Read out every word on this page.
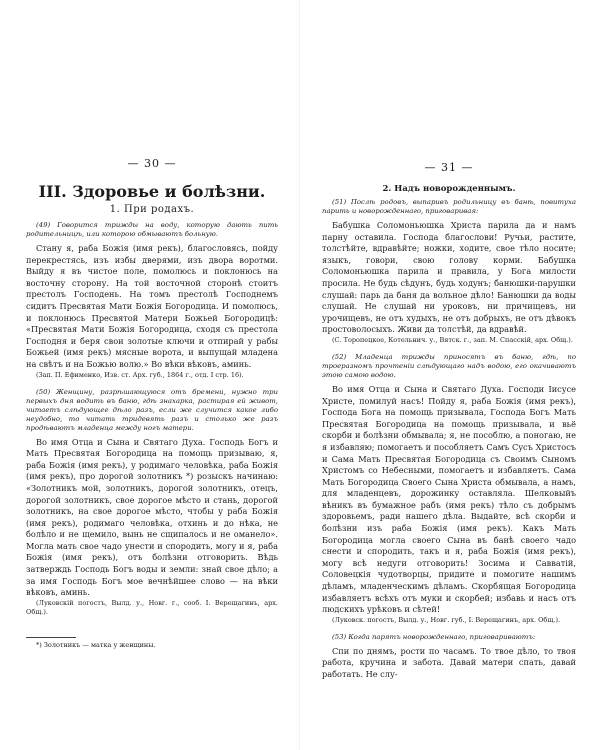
— 30 —
III. Здоровье и болѣзни.
1. При родахъ.

(49) Говорится трижды на воду, которую дають пить родительницѣ, или которою обмываютъ больную.

Стану я, раба Божія (имя рекъ), благословясь, пойду перекрестясь, изъ избы дверями, изъ двора воротми. Выйду я въ чистое поле, помолюсь и поклонюсь на восточну сторону. На той восточной сторонѣ стоитъ престолъ Господень. На томъ престолѣ Господнемъ сидитъ Пресвятая Мати Божія Богородица. И помолюсь, и поклонюсь Пресвятой Матери Божьей Богородицѣ: «Пресвятая Мати Божія Богородица, сходя съ престола Господня и беря свои золотые ключи и отпирай у рабы Божьей (имя рекъ) мясные ворота, и выпущай младена на свѣтъ и на Божью волю.» Во вѣки вѣковъ, аминь.

(Зап. П. Ефименко, Изв. ст. Арх. губ., 1864 г., отд. I стр. 16).

(50) Женщину, разрѣшающуюся отъ бремени, нужно три первыхъ дня водить въ баню, гдѣ знахарка, растирая ей живот, читаетъ слѣдующее дѣло разъ, если же случится какое либо неудобно, то читать тридевять разъ и столько же разъ продѣваютъ младенца между ногъ матери.

Во имя Отца и Сына и Святаго Духа. Господь Богъ и Мать Пресвятая Богородица на помощь призываю, я, раба Божія (имя рекъ), у родимаго человѣка, раба Божія (имя рекъ), про дорогой золотникъ *) розыскъ начинаю: «Золотникъ мой, золотникъ, дорогой золотникъ, отецъ, дорогой золотникъ, свое дорогое мѣсто и стань, дорогой золотникъ, на свое дорогое мѣсто, чтобы у раба Божія (имя рекъ), родимаго человѣка, отхинь и до нѣка, не болѣло и не щемило, вынь не сщипалось и не оманело». Могла мать свое чадо унести и спородить, могу и я, раба Божія (имя рекъ), отъ болѣзни отговорить. Вѣдь затверждь Господь Богъ воды и земли: знай свое дѣло; а за имя Господь Богъ мое вечнѣйшее слово — на вѣки вѣковъ, аминь.

(Луковскій погостъ, Вылд. у., Новг. г., сооб. I. Верещагинъ, арх. Общ.).

*) Золотникъ — матка у женщины.

— 31 —
2. Надъ новорожденнымъ.

(51) Послѣ родовъ, выпаривъ родильницу въ банѣ, повитуха парить и новорожденнаго, приговаривая:

Бабушка Соломоньюшка Христа парила да и намъ парну оставила. Господа благослови! Ручьи, растите, толстѣйте, вдравѣйте; ножки, ходите, свое тѣло носите; языкъ, говори, свою голову корми. Бабушка Соломоньюшка парила и правила, у Бога милости просила. Не будь сѣдунъ, будь ходунъ; банюшки-парушки слушай: парь да баня да вольное дѣло! Банюшки да воды слушай. Не слушай ни уроковъ, ни причищевъ, ни урочищевъ, не отъ худыхъ, не отъ добрыхъ, не отъ дѣвокъ простоволосыхъ. Живи да толстѣй, да вдравѣй.

(С. Торопецкое, Котельнич. у., Вятск. г., зап. М. Спасскій, арх. Общ.).

(52) Младенца трижды приносятъ въ баню, гдѣ, по троеразномъ прочтеніи слѣдующаго надъ водою, его окачиваютъ этою самою водою.

Во имя Отца и Сына и Святаго Духа. Господи Іисусе Христе, помилуй насъ! Пойду я, раба Божія (имя рекъ), Господа Бога на помощь призывала, Господа Богъ Мать Пресвятая Богородица на помощь призывала, и вьё скорби и болѣзни обмывала; я, не пособлю, а поногаю, не я избавляю; помогаетъ и пособляетъ Самъ Сусъ Христосъ и Сама Мать Пресвятая Богородица съ Своимъ Сыномъ Христомъ со Небесными, помогаетъ и избавляетъ. Сама Мать Богородица Своего Сына Христа обмывала, а намъ, для младенцевъ, дорожинку оставляла. Шелковыйъ вѣникъ въ бумажное рабъ (имя рекъ) тѣло съ добрымъ здоровьемъ, ради нашего дѣла. Выдайте, всѣ скорби и болѣзни изъ раба Божія (имя рекъ). Какъ Мать Богородица могла своего Сына въ банѣ своего чадо снести и спородить, такъ и я, раба Божія (имя рекъ), могу всѣ недуги отговорить! Зосима и Савватій, Соловецкія чудотворцы, придите и помогите нашимъ дѣламъ, младенческимъ дѣламъ. Скорбящая Богородица избавляетъ всѣхъ отъ муки и скорбей; избавь и насъ отъ людскихъ урѣковъ и сѣтей!

(Луковск. погостъ, Вылд. у., Новг. губ., I. Верещагинъ, арх. Общ.).

(53) Когда парятъ новорожденнаго, приговариваютъ:

Спи по днямъ, рости по часамъ. То твое дѣло, то твоя работа, кручина и забота. Давай матери спать, давай работать. Не слу-
